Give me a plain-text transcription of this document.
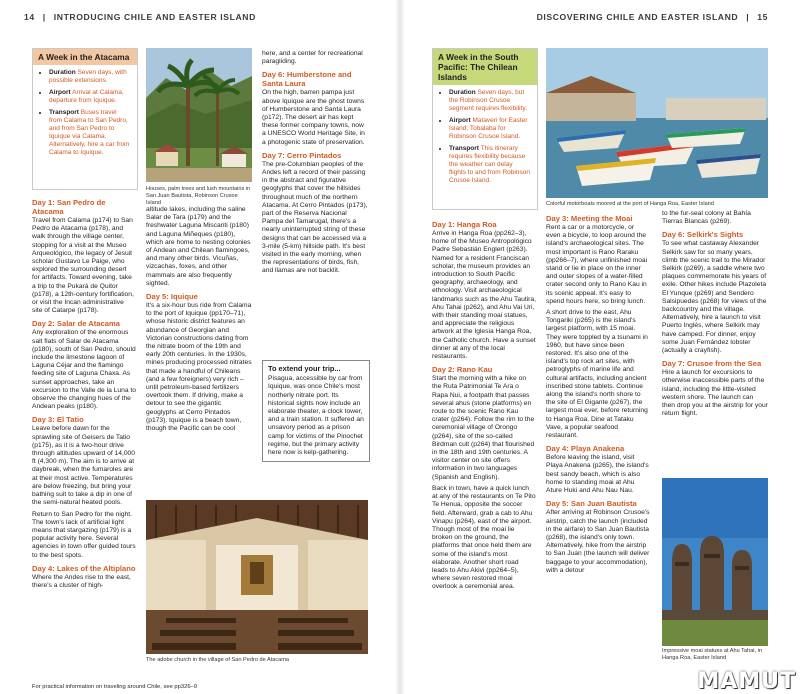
14 | INTRODUCING CHILE AND EASTER ISLAND
A Week in the Atacama
• Duration Seven days, with possible extensions.
• Airport Arrival at Calama, departure from Iquique.
• Transport Buses travel from Calama to San Pedro, and from San Pedro to Iquique via Calama. Alternatively, hire a car from Calama to Iquique.
Houses, palm trees and lush mountains in San Juan Bautista, Robinson Crusoe Island
Day 1: San Pedro de Atacama

Travel from Calama (p174) to San Pedro de Atacama (p178), and walk through the village center, stopping for a visit at the Museo Arqueológico, the legacy of Jesuit scholar Gustavo Le Paige, who explored the surrounding desert for artifacts. Toward evening, take a trip to the Pukará de Quitor (p178), a 12th-century fortification, or visit the Incan administrative site of Catarpe (p178).

Day 2: Salar de Atacama

Any exploration of the enormous salt flats of Salar de Atacama (p180), south of San Pedro, should include the limestone lagoon of Laguna Céjar and the flamingo feeding site of Laguna Chaxa. As sunset approaches, take an excursion to the Valle de la Luna to observe the changing hues of the Andean peaks (p180).

Day 3: El Tatio

Leave before dawn for the sprawling site of Geisers de Tatio (p175), as it is a two-hour drive through altitudes upward of 14,000 ft (4,300 m). The aim is to arrive at daybreak, when the fumaroles are at their most active. Temperatures are below freezing, but bring your bathing suit to take a dip in one of the semi-natural heated pools.

Return to San Pedro for the night. The town's lack of artificial light means that stargazing (p179) is a popular activity here. Several agencies in town offer guided tours to the best spots.

Day 4: Lakes of the Altiplano

Where the Andes rise to the east, there's a cluster of high-

altitude lakes, including the saline Salar de Tara (p179) and the freshwater Laguna Miscanti (p180) and Laguna Miñeques (p180), which are home to nesting colonies of Andean and Chilean flamingoes, and many other birds. Vicuñas, vizcachas, foxes, and other mammals are also frequently sighted.

Day 5: Iquique

It's a six-hour bus ride from Calama to the port of Iquique (pp170–71), whose historic district features an abundance of Georgian and Victorian constructions dating from the nitrate boom of the 19th and early 20th centuries. In the 1930s, mines producing processed nitrates that made a handful of Chileans (and a few foreigners) very rich – until petroleum-based fertilizers overtook them. If driving, make a detour to see the gigantic geoglyphs at Cerro Pintados (p173). Iquique is a beach town, though the Pacific can be cool

here, and a center for recreational paragliding.

Day 6: Humberstone and Santa Laura

On the high, barren pampa just above Iquique are the ghost towns of Humberstone and Santa Laura (p172). The desert air has kept these former company towns, now a UNESCO World Heritage Site, in a photogenic state of preservation.

Day 7: Cerro Pintados

The pre-Columbian peoples of the Andes left a record of their passing in the abstract and figurative geoglyphs that cover the hillsides throughout much of the northern Atacama. At Cerro Pintados (p173), part of the Reserva Nacional Pampa del Tamarugal, there's a nearly uninterrupted string of these designs that can be accessed via a 3-mile (5-km) hillside path. It's best visited in the early morning, when the representations of birds, fish, and llamas are not backlit.

To extend your trip...
Pisagua, accessible by car from Iquique, was once Chile's most northerly nitrate port. Its historical sights now include an elaborate theater, a clock tower, and a train station. It suffered an unsavory period as a prison camp for victims of the Pinochet regime, but the primary activity here now is kelp-gathering.
The adobe church in the village of San Pedro de Atacama
For practical information on traveling around Chile, see pp326–9
DISCOVERING CHILE AND EASTER ISLAND | 15
A Week in the South Pacific: The Chilean Islands
• Duration Seven days, but the Robinson Crusoe segment requires flexibility.
• Airport Mataveri for Easter Island; Tobalaba for Robinson Crusoe Island.
• Transport This itinerary requires flexibility because the weather can delay flights to and from Robinson Crusoe Island.
Colorful motorboats moored at the port of Hanga Roa, Easter Island
Day 1: Hanga Roa

Arrive in Hanga Roa (pp262–3), home of the Museo Antropológico Padre Sebastián Englert (p263). Named for a resident Franciscan scholar, the museum provides an introduction to South Pacific geography, archaeology, and ethnology. Visit archaeological landmarks such as the Ahu Tautira, Ahu Tahai (p262), and Ahu Vai Uri, with their standing moai statues, and appreciate the religious artwork at the Iglesia Hanga Roa, the Catholic church. Have a sunset dinner at any of the local restaurants.

Day 2: Rano Kau

Start the morning with a hike on the Ruta Patrimonial Te Ara o Rapa Nui, a footpath that passes several ahus (stone platforms) en route to the scenic Rano Kau crater (p264). Follow the rim to the ceremonial village of Orongo (p264), site of the so-called Birdman cult (p264) that flourished in the 18th and 19th centuries. A visitor center on site offers information in two languages (Spanish and English).

Back in town, have a quick lunch at any of the restaurants on Te Pito Te Henua, opposite the soccer field. Afterward, grab a cab to Ahu Vinapu (p264), east of the airport. Though most of the moai lie broken on the ground, the platforms that once held them are some of the island's most elaborate. Another short road leads to Ahu Akivi (pp264–5), where seven restored moai overlook a ceremonial area.

Day 3: Meeting the Moai

Rent a car or a motorcycle, or even a bicycle, to loop around the island's archaeological sites. The most important is Rano Raraku (pp266–7), where unfinished moai stand or lie in place on the inner and outer slopes of a water-filled crater second only to Rano Kau in its scenic appeal. It's easy to spend hours here, so bring lunch.

A short drive to the east, Ahu Tongariki (p265) is the island's largest platform, with 15 moai. They were toppled by a tsunami in 1960, but have since been restored. It's also one of the island's top rock art sites, with petroglyphs of marine life and cultural artifacts, including ancient inscribed stone tablets. Continue along the island's north shore to the site of El Gigante (p267), the largest moai ever, before returning to Hanga Roa. Dine at Tataku Vave, a popular seafood restaurant.

Day 4: Playa Anakena

Before leaving the island, visit Playa Anakena (p265), the island's best sandy beach, which is also home to standing moai at Ahu Ature Huki and Ahu Nau Nau.

Day 5: San Juan Bautista

After arriving at Robinson Crusoe's airstrip, catch the launch (included in the airfare) to San Juan Bautista (p268), the island's only town. Alternatively, hike from the airstrip to San Juan (the launch will deliver baggage to your accommodation), with a detour

to the fur-seal colony at Bahía Tierras Blancas (p269).

Day 6: Selkirk's Sights

To see what castaway Alexander Selkirk saw for so many years, climb the scenic trail to the Mirador Selkirk (p269), a saddle where two plaques commemorate his years of exile. Other hikes include Plazoleta El Yunque (p269) and Sendero Salsipuedes (p268) for views of the backcountry and the village. Alternatively, hire a launch to visit Puerto Inglés, where Selkirk may have camped. For dinner, enjoy some Juan Fernández lobster (actually a crayfish).

Day 7: Crusoe from the Sea

Hire a launch for excursions to otherwise inaccessible parts of the island, including the little-visited western shore. The launch can then drop you at the airstrip for your return flight.

Impressive moai statues at Ahu Tahai, in Hanga Roa, Easter Island
MAMUT
